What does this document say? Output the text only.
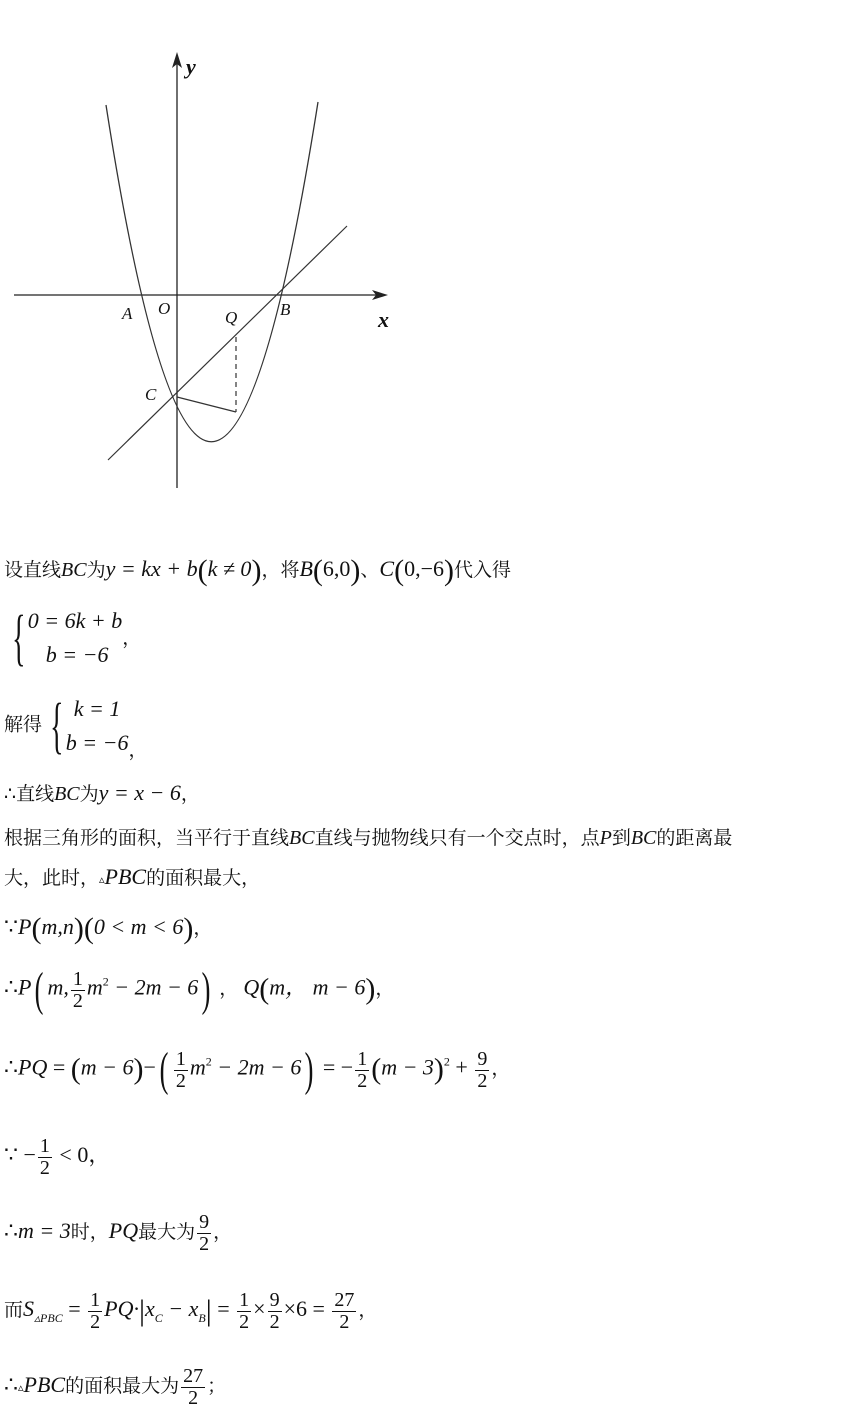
y
x
A O	Q	B
C
设直线BC为y = kx + b(k ≠ 0)，将B(6,0)、C(0,−6)代入得
{ 0 = 6k + b
b = −6
，
解得 { k = 1
b = −6 ，
∴直线BC为y = x − 6，
根据三角形的面积，当平行于直线BC直线与抛物线只有一个交点时，点P到BC的距离最
大，此时，▵PBC的面积最大，
∵P(m,n)(0 < m < 6)，
∴P( m, $\frac{1}{2} m^2 - 2m - 6$) ， Q(m， m − 6)，
∴PQ = $(m - 6)-( \frac{1}{2} m^2 - 2m - 6)$ = − $\frac{1}{2} (m - 3)^2 + \frac{9}{2}$ ，
∵ − $\frac{1}{2} < 0$，
∴m = 3时，PQ最大为 $\frac{9}{2}$ ，
而$S_{▵PBC} = \frac{1}{2} PQ\cdot|x_C - x_B| = \frac{1}{2} \times \frac{9}{2} \times 6 = \frac{27}{2}$ ，
∴▵PBC的面积最大为 $\frac{27}{2}$ ；
